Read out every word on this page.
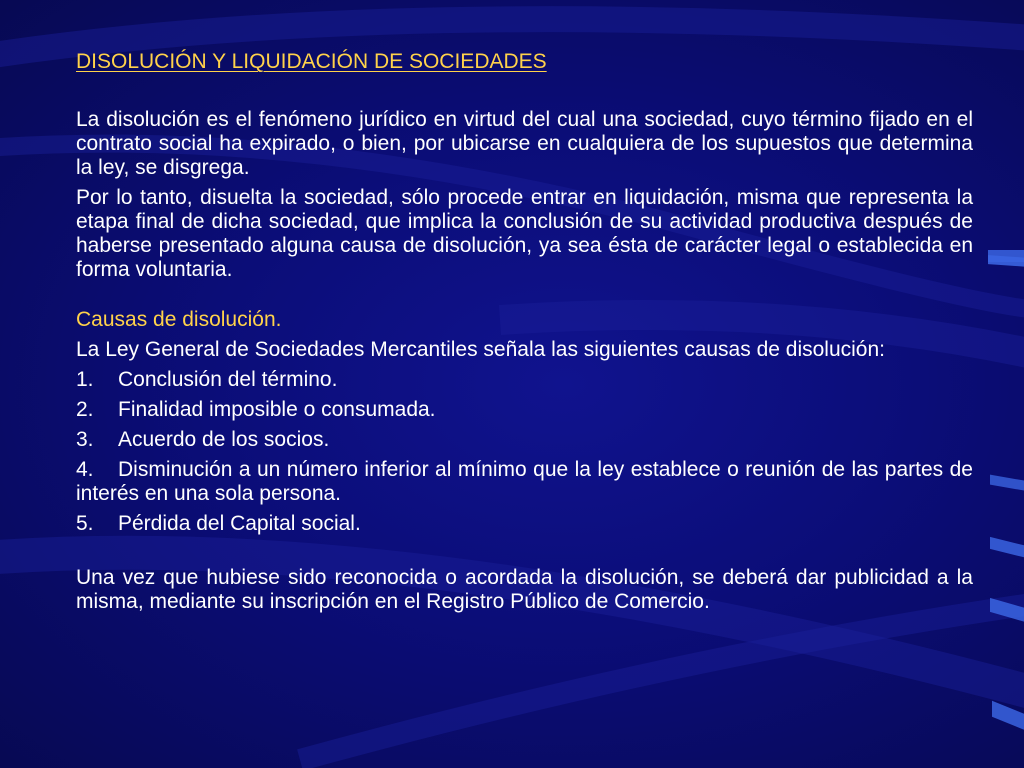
DISOLUCIÓN Y LIQUIDACIÓN DE SOCIEDADES
La disolución es el fenómeno jurídico en virtud del cual una sociedad, cuyo término fijado en el contrato social ha expirado, o bien, por ubicarse en cualquiera de los supuestos que determina la ley, se disgrega.
Por lo tanto, disuelta la sociedad, sólo procede entrar en liquidación, misma que representa la etapa final de dicha sociedad, que implica la conclusión de su actividad productiva después de haberse presentado alguna causa de disolución, ya sea ésta de carácter legal o establecida en forma voluntaria.
Causas de disolución.
La Ley General de Sociedades Mercantiles señala las siguientes causas de disolución:
1. Conclusión del término.
2. Finalidad imposible o consumada.
3. Acuerdo de los socios.
4. Disminución a un número inferior al mínimo que la ley establece o reunión de las partes de interés en una sola persona.
5. Pérdida del Capital social.
Una vez que hubiese sido reconocida o acordada la disolución, se deberá dar publicidad a la misma, mediante su inscripción en el Registro Público de Comercio.
